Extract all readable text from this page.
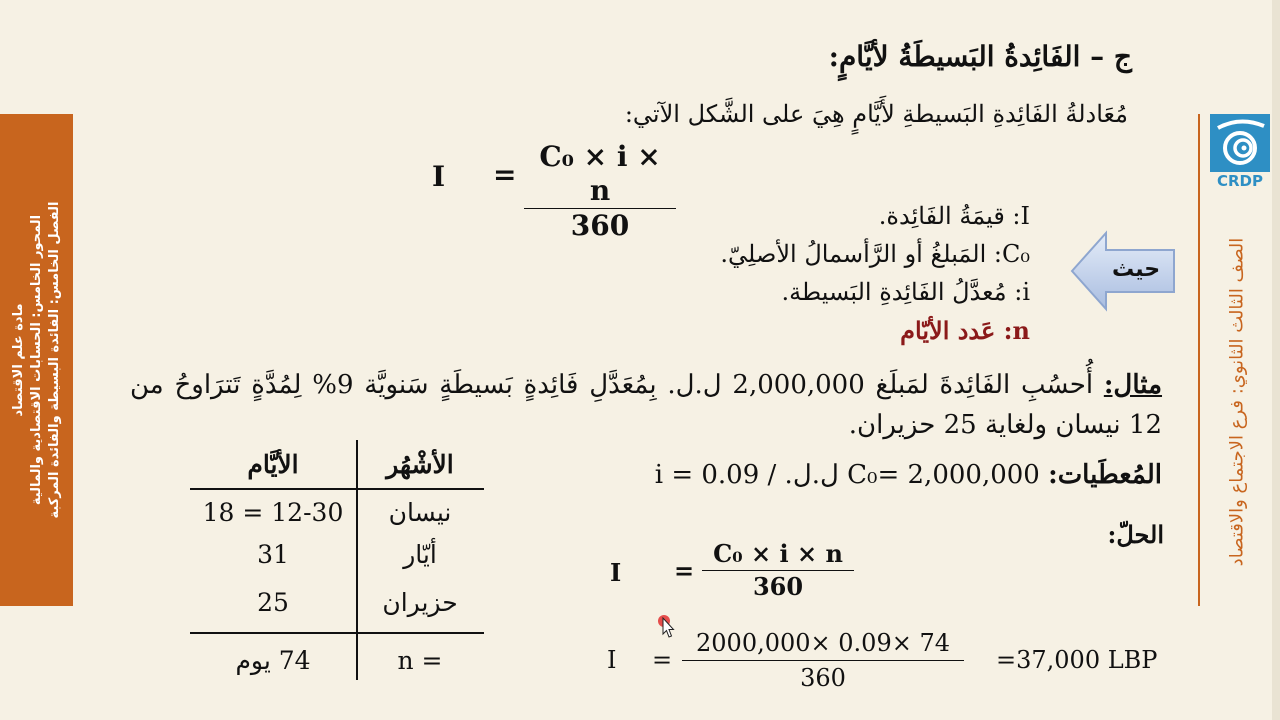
مادة علم الاقتصاد المحور الخامس: الحسابات الاقتصادية والمالية الفصل الخامس: الفائدة البسيطة والفائدة المركبة	الصف الثالث الثانوي: فرع الاجتماع والاقتصاد
CRDP
ج – الفَائِدةُ البَسيطَةُ لأيَّامٍ:
مُعَادلةُ الفَائِدةِ البَسيطةِ لأَيَّامٍ هِيَ على الشَّكل الآتي:
$I = \frac{\text{C₀ × i × n}}{360}$
حيث
I: قيمَةُ الفَائِدة.
C₀: المَبلغُ أو الرَّأسمالُ الأصلِيّ.
i: مُعدَّلُ الفَائِدةِ البَسيطة.
n: عَدد الأيّام
مثال: أُحسُبِ الفَائِدةَ لمَبلَغ 2,000,000 ل.ل. بِمُعَدَّلِ فَائِدةٍ بَسيطَةٍ سَنويَّة 9% لِمُدَّةٍ تَترَاوحُ من 12 نيسان ولغاية 25 حزيران.
المُعطَيات: C₀= 2,000,000 ل.ل. / i = 0.09
الحلّ:
$I = \frac{\text{C₀ × i × n}}{360}$
$I = \frac{2000,000\times 0.09\times 74}{360} =37,000$ LBP
الأشْهُر
الأيَّام
نيسان
18 = 12-30
أيّار
31
حزيران
25
n =
74 يوم
